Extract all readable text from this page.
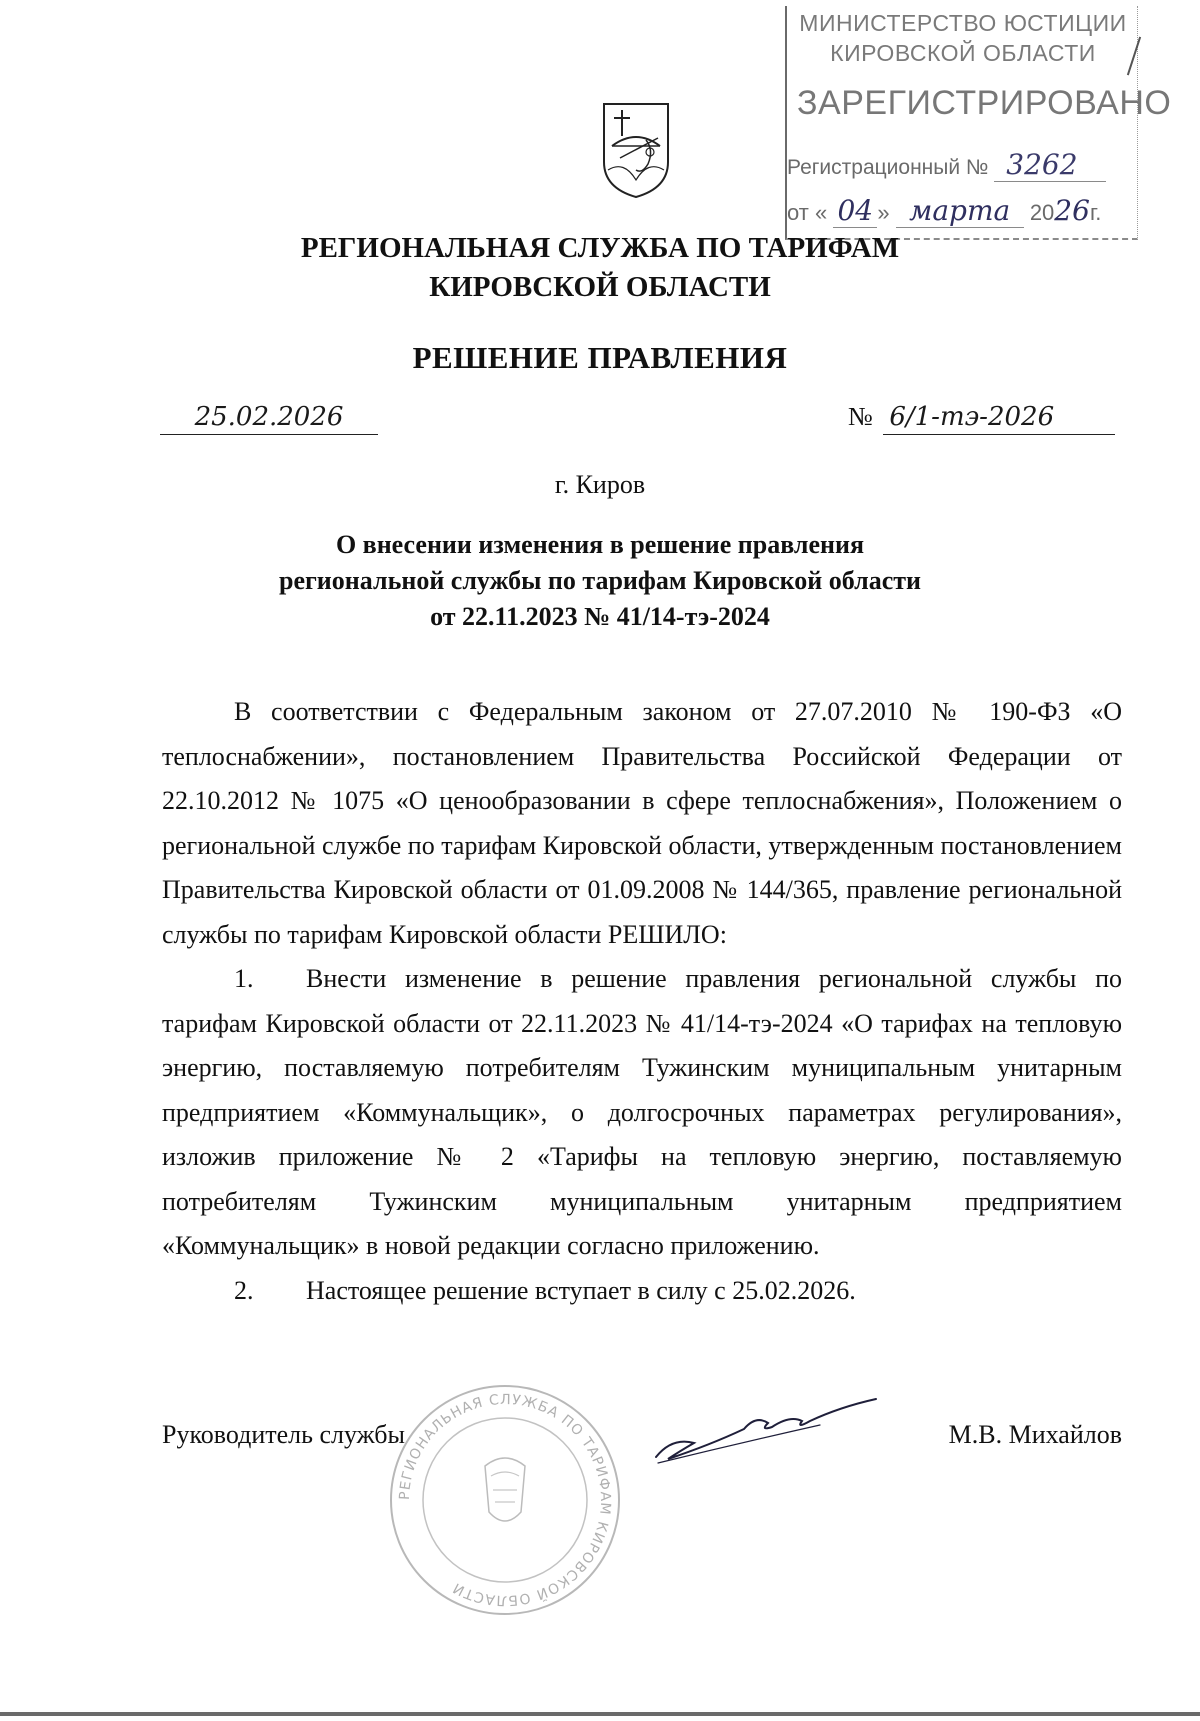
МИНИСТЕРСТВО ЮСТИЦИИ
КИРОВСКОЙ ОБЛАСТИ
ЗАРЕГИСТРИРОВАНО
Регистрационный № 3262
от « 04 » марта 2026г.
РЕГИОНАЛЬНАЯ СЛУЖБА ПО ТАРИФАМ
КИРОВСКОЙ ОБЛАСТИ
РЕШЕНИЕ ПРАВЛЕНИЯ
25.02.2026	№ 6/1-тэ-2026
г. Киров
О внесении изменения в решение правления
региональной службы по тарифам Кировской области
от 22.11.2023 № 41/14-тэ-2024

В соответствии с Федеральным законом от 27.07.2010 № 190-ФЗ «О теплоснабжении», постановлением Правительства Российской Федерации от 22.10.2012 № 1075 «О ценообразовании в сфере теплоснабжения», Положением о региональной службе по тарифам Кировской области, утвержденным постановлением Правительства Кировской области от 01.09.2008 № 144/365, правление региональной службы по тарифам Кировской области РЕШИЛО:

1. Внести изменение в решение правления региональной службы по тарифам Кировской области от 22.11.2023 № 41/14-тэ-2024 «О тарифах на тепловую энергию, поставляемую потребителям Тужинским муниципальным унитарным предприятием «Коммунальщик», о долгосрочных параметрах регулирования», изложив приложение № 2 «Тарифы на тепловую энергию, поставляемую потребителям Тужинским муниципальным унитарным предприятием «Коммунальщик» в новой редакции согласно приложению.

2. Настоящее решение вступает в силу с 25.02.2026.

РЕГИОНАЛЬНАЯ СЛУЖБА ПО ТАРИФАМ КИРОВСКОЙ ОБЛАСТИ
Руководитель службы	М.В. Михайлов
